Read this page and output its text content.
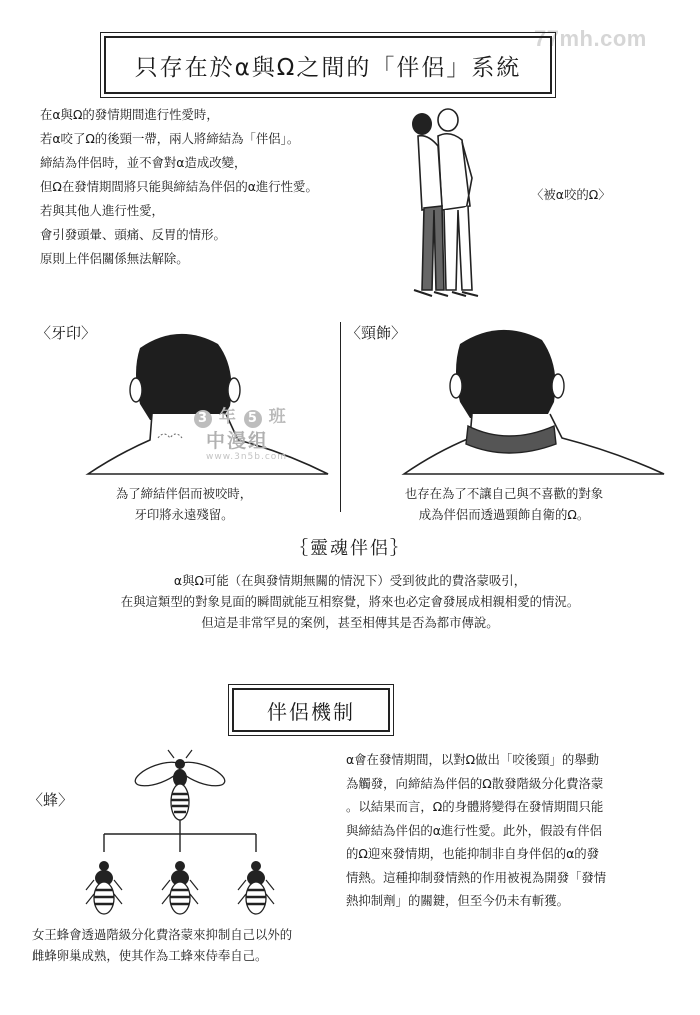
77mh.com
只存在於α與Ω之間的「伴侶」系統
在α與Ω的發情期間進行性愛時，
若α咬了Ω的後頸一帶，兩人將締結為「伴侶」。
締結為伴侶時，並不會對α造成改變，
但Ω在發情期間將只能與締結為伴侶的α進行性愛。
若與其他人進行性愛，
會引發頭暈、頭痛、反胃的情形。
原則上伴侶關係無法解除。
〈被α咬的Ω〉
〈牙印〉	〈頸飾〉
3 年 5 班
中漫组
www.3n5b.com
為了締結伴侶而被咬時，
牙印將永遠殘留。
也存在為了不讓自己與不喜歡的對象
成為伴侶而透過頸飾自衛的Ω。
｛靈魂伴侶｝
α與Ω可能（在與發情期無關的情況下）受到彼此的費洛蒙吸引，
在與這類型的對象見面的瞬間就能互相察覺，將來也必定會發展成相親相愛的情況。
但這是非常罕見的案例，甚至相傳其是否為都市傳說。
伴侶機制
〈蜂〉
α會在發情期間，以對Ω做出「咬後頸」的舉動
為觸發，向締結為伴侶的Ω散發階級分化費洛蒙
。以結果而言，Ω的身體將變得在發情期間只能
與締結為伴侶的α進行性愛。此外，假設有伴侶
的Ω迎來發情期，也能抑制非自身伴侶的α的發
情熱。這種抑制發情熱的作用被視為開發「發情
熱抑制劑」的關鍵，但至今仍未有斬獲。
女王蜂會透過階級分化費洛蒙來抑制自己以外的
雌蜂卵巢成熟，使其作為工蜂來侍奉自己。
